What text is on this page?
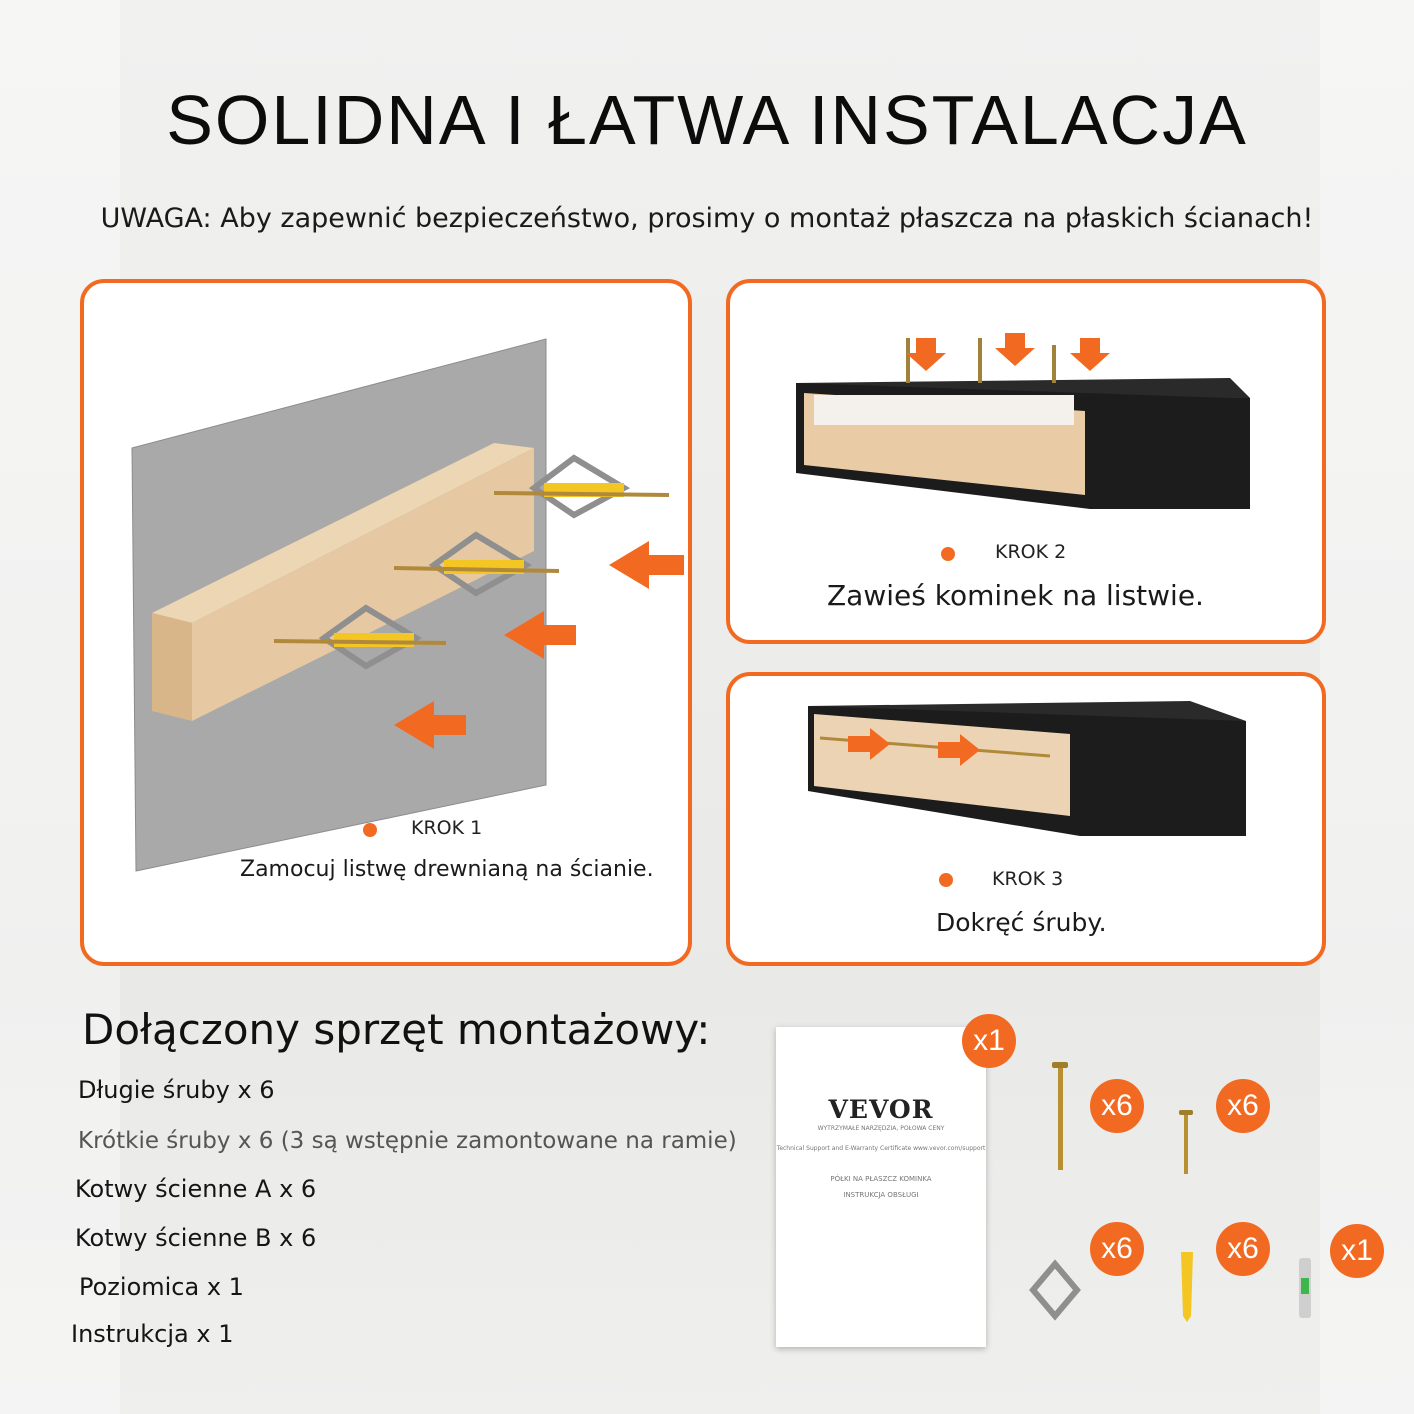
SOLIDNA I ŁATWA INSTALACJA
UWAGA: Aby zapewnić bezpieczeństwo, prosimy o montaż płaszcza na płaskich ścianach!
KROK 1
Zamocuj listwę drewnianą na ścianie.
KROK 2
Zawieś kominek na listwie.
KROK 3
Dokręć śruby.
Dołączony sprzęt montażowy:
Długie śruby x 6
Krótkie śruby x 6 (3 są wstępnie zamontowane na ramie)
Kotwy ścienne A x 6
Kotwy ścienne B x 6
Poziomica x 1
Instrukcja x 1
VEVOR
WYTRZYMAŁE NARZĘDZIA, POŁOWA CENY
Technical Support and E-Warranty Certificate www.vevor.com/support
PÓŁKI NA PŁASZCZ KOMINKA
INSTRUKCJA OBSŁUGI
x1
x6	x6
x6	x6	x1
